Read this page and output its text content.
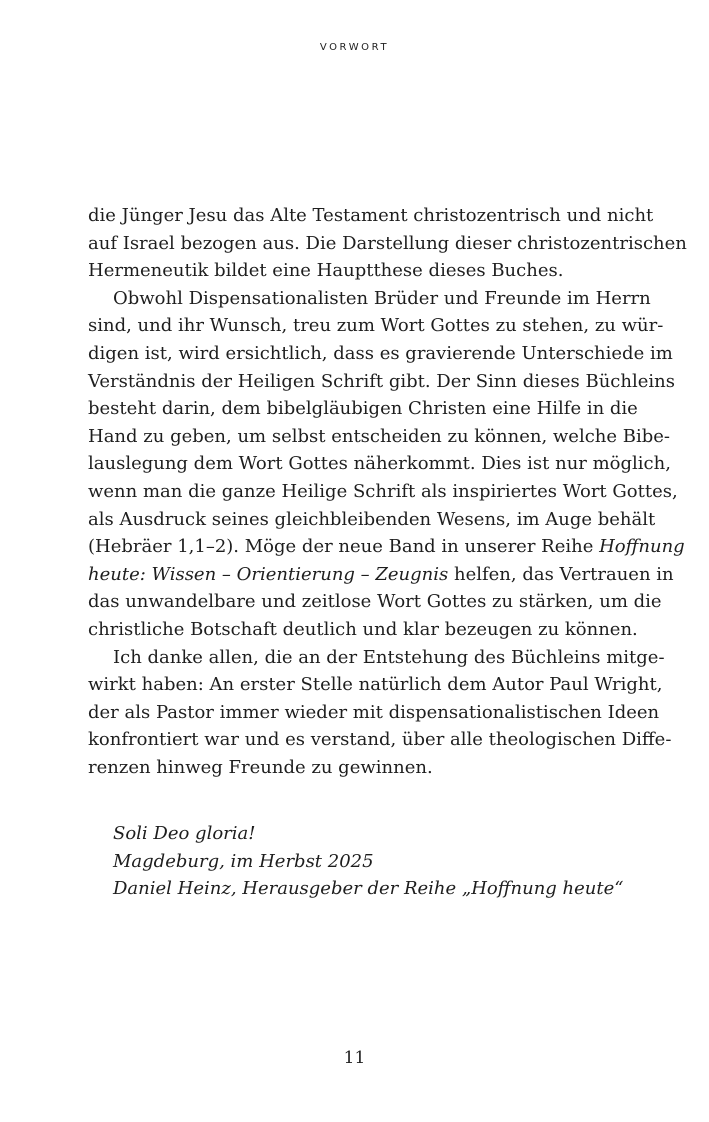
VORWORT
die Jünger Jesu das Alte Testament christozentrisch und nicht
auf Israel bezogen aus. Die Darstellung dieser christozentrischen
Hermeneutik bildet eine Hauptthese dieses Buches.
Obwohl Dispensationalisten Brüder und Freunde im Herrn
sind, und ihr Wunsch, treu zum Wort Gottes zu stehen, zu wür-
digen ist, wird ersichtlich, dass es gravierende Unterschiede im
Verständnis der Heiligen Schrift gibt. Der Sinn dieses Büchleins
besteht darin, dem bibelgläubigen Christen eine Hilfe in die
Hand zu geben, um selbst entscheiden zu können, welche Bibe-
lauslegung dem Wort Gottes näherkommt. Dies ist nur möglich,
wenn man die ganze Heilige Schrift als inspiriertes Wort Gottes,
als Ausdruck seines gleichbleibenden Wesens, im Auge behält
(Hebräer 1,1–2). Möge der neue Band in unserer Reihe Hoffnung
heute: Wissen – Orientierung – Zeugnis helfen, das Vertrauen in
das unwandelbare und zeitlose Wort Gottes zu stärken, um die
christliche Botschaft deutlich und klar bezeugen zu können.
Ich danke allen, die an der Entstehung des Büchleins mitge-
wirkt haben: An erster Stelle natürlich dem Autor Paul Wright,
der als Pastor immer wieder mit dispensationalistischen Ideen
konfrontiert war und es verstand, über alle theologischen Diffe-
renzen hinweg Freunde zu gewinnen.
Soli Deo gloria!
Magdeburg, im Herbst 2025
Daniel Heinz, Herausgeber der Reihe „Hoffnung heute“
11
